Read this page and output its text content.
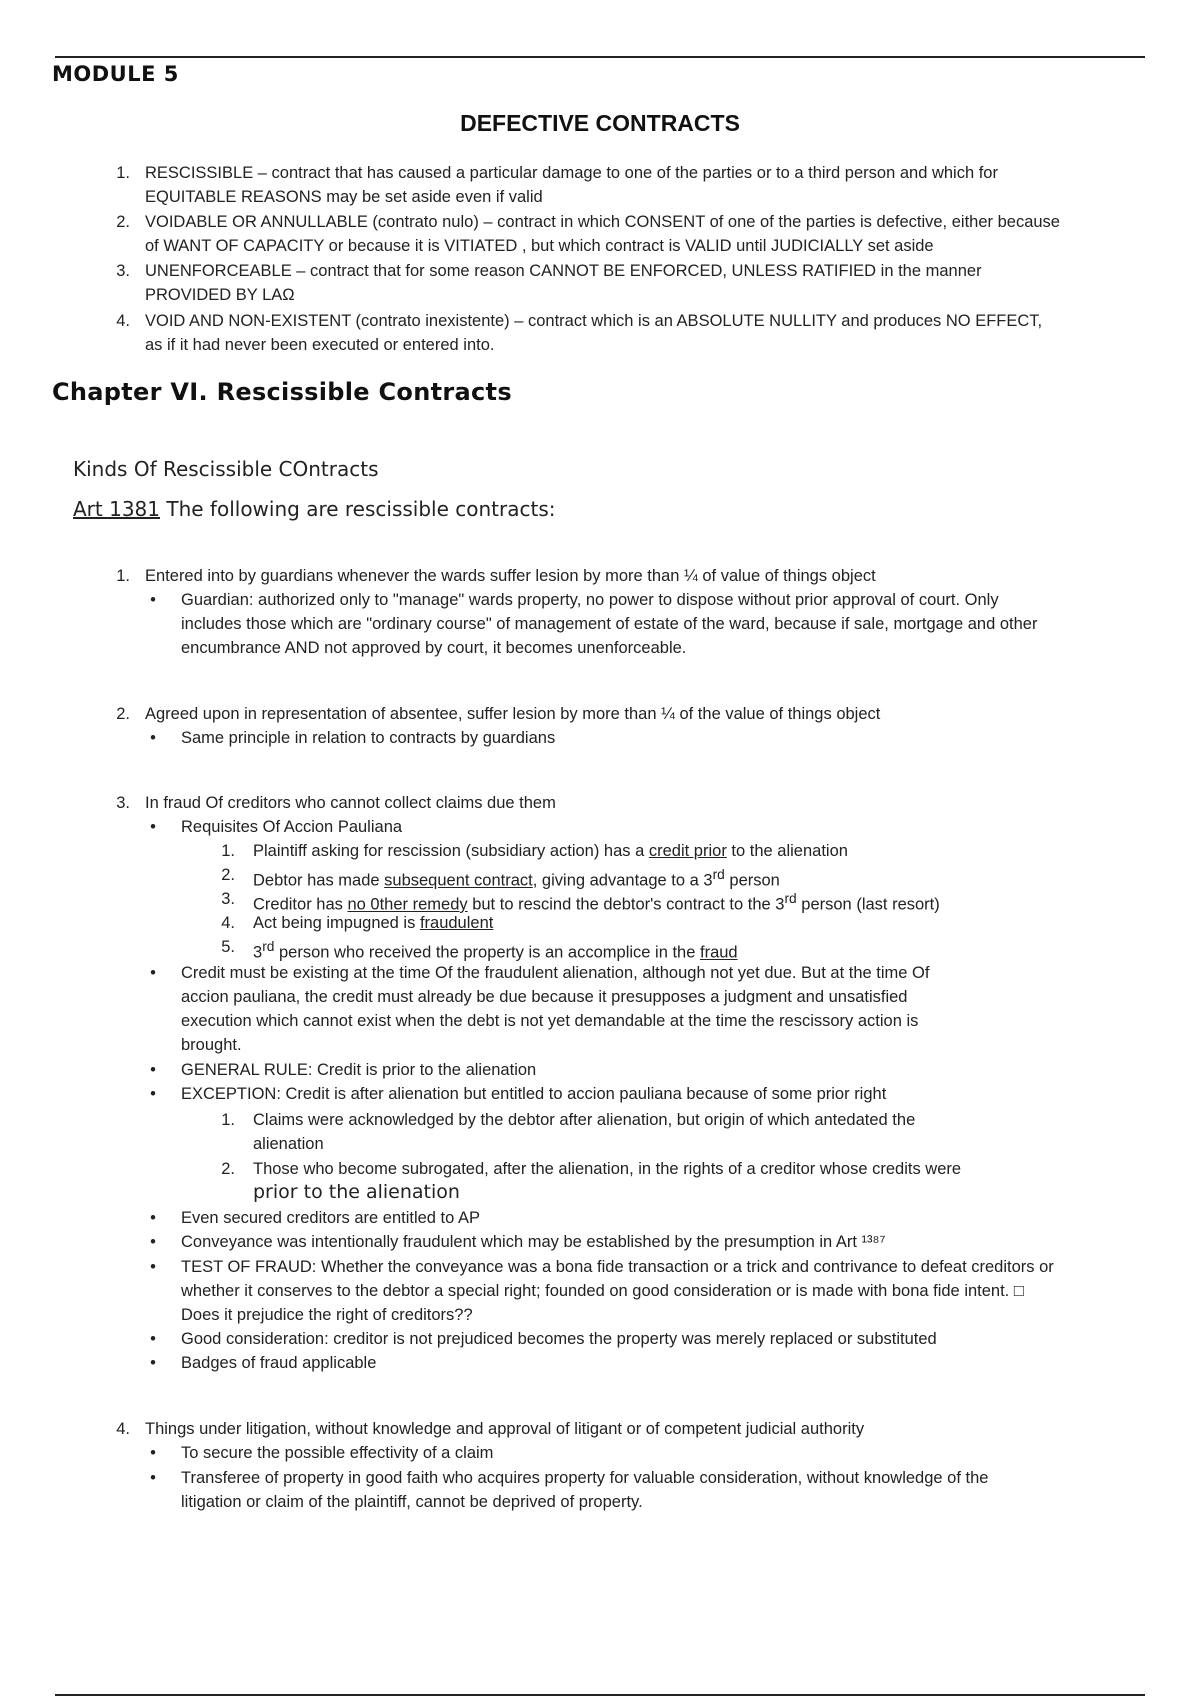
MODULE 5
DEFECTIVE CONTRACTS
1. RESCISSIBLE – contract that has caused a particular damage to one of the parties or to a third person and which for
EQUITABLE REASONS may be set aside even if valid
2. VOIDABLE OR ANNULLABLE (contrato nulo) – contract in which CONSENT of one of the parties is defective, either because
of WANT OF CAPACITY or because it is VITIATED , but which contract is VALID until JUDICIALLY set aside
3. UNENFORCEABLE – contract that for some reason CANNOT BE ENFORCED, UNLESS RATIFIED in the manner
PROVIDED BY LAΩ
4. VOID AND NON-EXISTENT (contrato inexistente) – contract which is an ABSOLUTE NULLITY and produces NO EFFECT,
as if it had never been executed or entered into.
Chapter VI. Rescissible Contracts
Kinds Of Rescissible COntracts
Art 1381 The following are rescissible contracts:
1. Entered into by guardians whenever the wards suffer lesion by more than ¼ of value of things object
•	Guardian: authorized only to "manage" wards property, no power to dispose without prior approval of court. Only
includes those which are "ordinary course" of management of estate of the ward, because if sale, mortgage and other
encumbrance AND not approved by court, it becomes unenforceable.
2. Agreed upon in representation of absentee, suffer lesion by more than ¼ of the value of things object
•	Same principle in relation to contracts by guardians
3. In fraud Of creditors who cannot collect claims due them
•	Requisites Of Accion Pauliana
1. Plaintiff asking for rescission (subsidiary action) has a credit prior to the alienation
2. Debtor has made subsequent contract, giving advantage to a 3rd person
3. Creditor has no 0ther remedy but to rescind the debtor's contract to the 3rd person (last resort)
4. Act being impugned is fraudulent
5. 3rd person who received the property is an accomplice in the fraud
•	Credit must be existing at the time Of the fraudulent alienation, although not yet due. But at the time Of
accion pauliana, the credit must already be due because it presupposes a judgment and unsatisfied
execution which cannot exist when the debt is not yet demandable at the time the rescissory action is
brought.
•	GENERAL RULE: Credit is prior to the alienation
•	EXCEPTION: Credit is after alienation but entitled to accion pauliana because of some prior right
1. Claims were acknowledged by the debtor after alienation, but origin of which antedated the
alienation
2. Those who become subrogated, after the alienation, in the rights of a creditor whose credits were
prior to the alienation
•	Even secured creditors are entitled to AP
•	Conveyance was intentionally fraudulent which may be established by the presumption in Art ¹³⁸⁷
•	TEST OF FRAUD: Whether the conveyance was a bona fide transaction or a trick and contrivance to defeat creditors or
whether it conserves to the debtor a special right; founded on good consideration or is made with bona fide intent. □
Does it prejudice the right of creditors??
•	Good consideration: creditor is not prejudiced becomes the property was merely replaced or substituted
•	Badges of fraud applicable
4. Things under litigation, without knowledge and approval of litigant or of competent judicial authority
•	To secure the possible effectivity of a claim
•	Transferee of property in good faith who acquires property for valuable consideration, without knowledge of the
litigation or claim of the plaintiff, cannot be deprived of property.
